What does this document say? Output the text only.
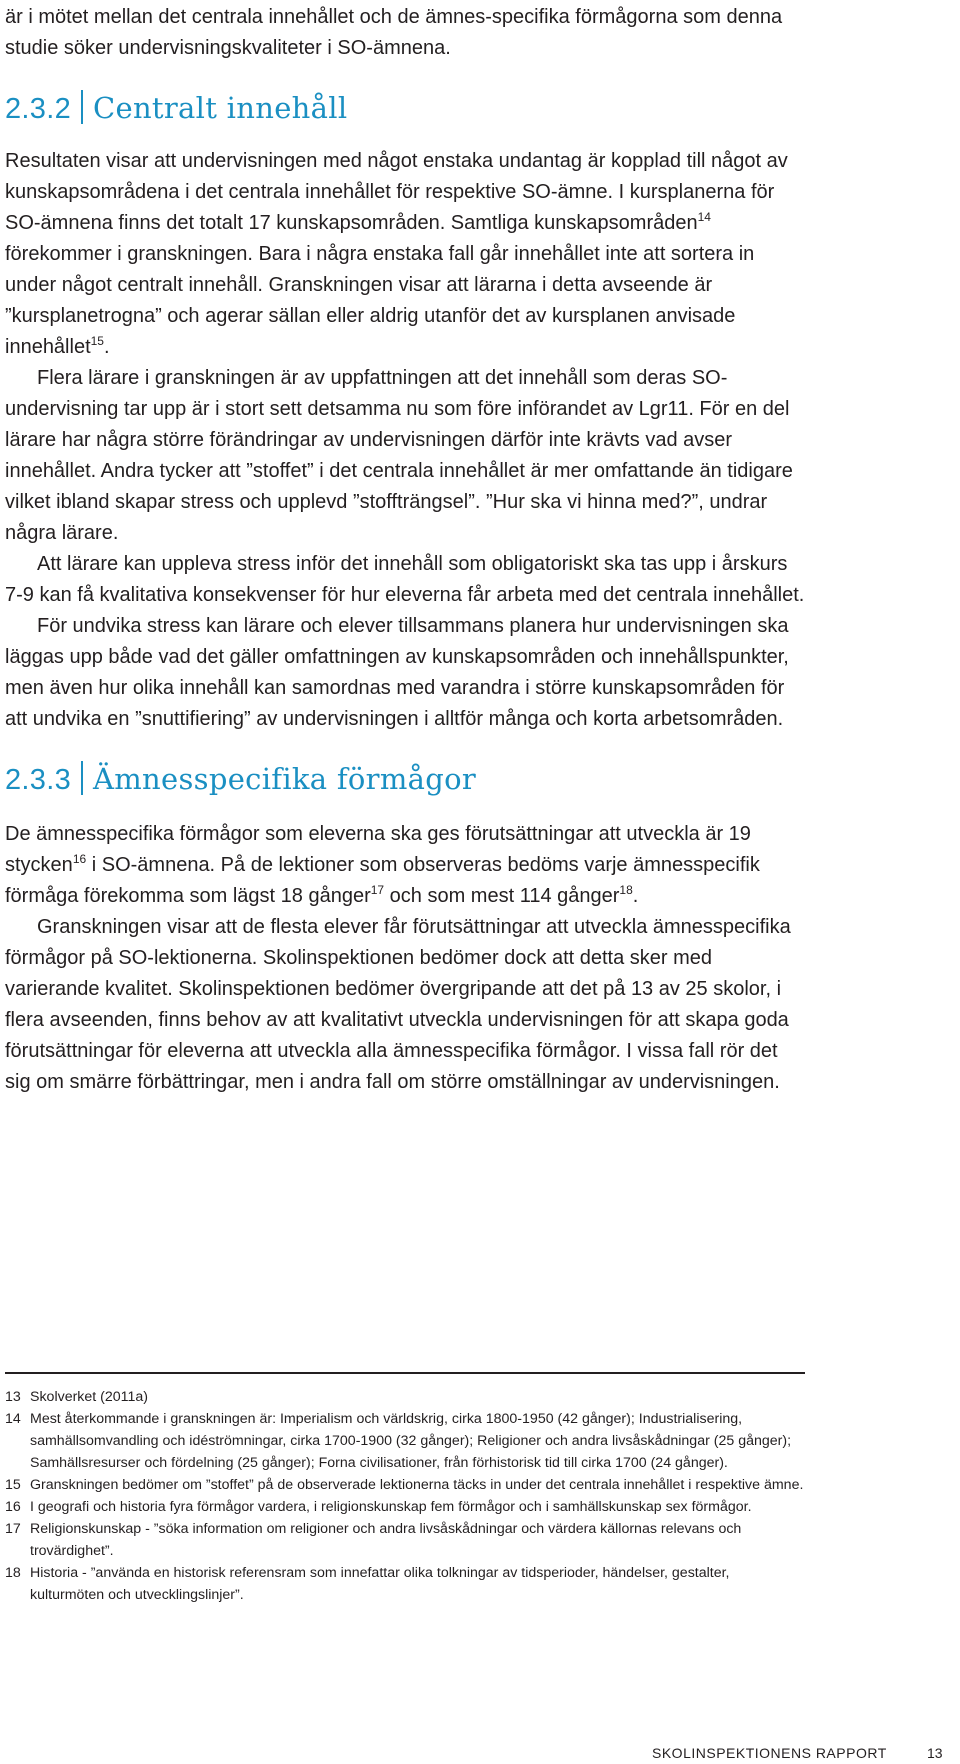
är i mötet mellan det centrala innehållet och de ämnes-specifika förmågorna som denna studie söker undervisningskvaliteter i SO-ämnena.

2.3.2 Centralt innehåll

Resultaten visar att undervisningen med något enstaka undantag är kopplad till något av kunskapsområdena i det centrala innehållet för respektive SO-ämne. I kursplanerna för SO-ämnena finns det totalt 17 kunskapsområden. Samtliga kunskapsområden$^{14}$ förekommer i granskningen. Bara i några enstaka fall går innehållet inte att sortera in under något centralt innehåll. Granskningen visar att lärarna i detta avseende är ”kursplanetrogna” och agerar sällan eller aldrig utanför det av kursplanen anvisade innehållet$^{15}$.

Flera lärare i granskningen är av uppfattningen att det innehåll som deras SO-undervisning tar upp är i stort sett detsamma nu som före införandet av Lgr11. För en del lärare har några större förändringar av undervisningen därför inte krävts vad avser innehållet. Andra tycker att ”stoffet” i det centrala innehållet är mer omfattande än tidigare vilket ibland skapar stress och upplevd ”stoffträngsel”. ”Hur ska vi hinna med?”, undrar några lärare.

Att lärare kan uppleva stress inför det innehåll som obligatoriskt ska tas upp i årskurs 7-9 kan få kvalitativa konsekvenser för hur eleverna får arbeta med det centrala innehållet.

För undvika stress kan lärare och elever tillsammans planera hur undervisningen ska läggas upp både vad det gäller omfattningen av kunskapsområden och innehållspunkter, men även hur olika innehåll kan samordnas med varandra i större kunskapsområden för att undvika en ”snuttifiering” av undervisningen i alltför många och korta arbetsområden.

2.3.3 Ämnesspecifika förmågor

De ämnesspecifika förmågor som eleverna ska ges förutsättningar att utveckla är 19 stycken$^{16}$ i SO-ämnena. På de lektioner som observeras bedöms varje ämnesspecifik förmåga förekomma som lägst 18 gånger$^{17}$ och som mest 114 gånger$^{18}$.

Granskningen visar att de flesta elever får förutsättningar att utveckla ämnesspecifika förmågor på SO-lektionerna. Skolinspektionen bedömer dock att detta sker med varierande kvalitet. Skolinspektionen bedömer övergripande att det på 13 av 25 skolor, i flera avseenden, finns behov av att kvalitativt utveckla undervisningen för att skapa goda förutsättningar för eleverna att utveckla alla ämnesspecifika förmågor. I vissa fall rör det sig om smärre förbättringar, men i andra fall om större omställningar av undervisningen.

13 Skolverket (2011a)
14 Mest återkommande i granskningen är: Imperialism och världskrig, cirka 1800-1950 (42 gånger); Industrialisering, samhällsomvandling och idéströmningar, cirka 1700-1900 (32 gånger); Religioner och andra livsåskådningar (25 gånger); Samhällsresurser och fördelning (25 gånger); Forna civilisationer, från förhistorisk tid till cirka 1700 (24 gånger).
15 Granskningen bedömer om ”stoffet” på de observerade lektionerna täcks in under det centrala innehållet i respektive ämne.
16 I geografi och historia fyra förmågor vardera, i religionskunskap fem förmågor och i samhällskunskap sex förmågor.
17 Religionskunskap - ”söka information om religioner och andra livsåskådningar och värdera källornas relevans och trovärdighet”.
18 Historia - ”använda en historisk referensram som innefattar olika tolkningar av tidsperioder, händelser, gestalter, kulturmöten och utvecklingslinjer”.
SKOLINSPEKTIONENS RAPPORT	13
